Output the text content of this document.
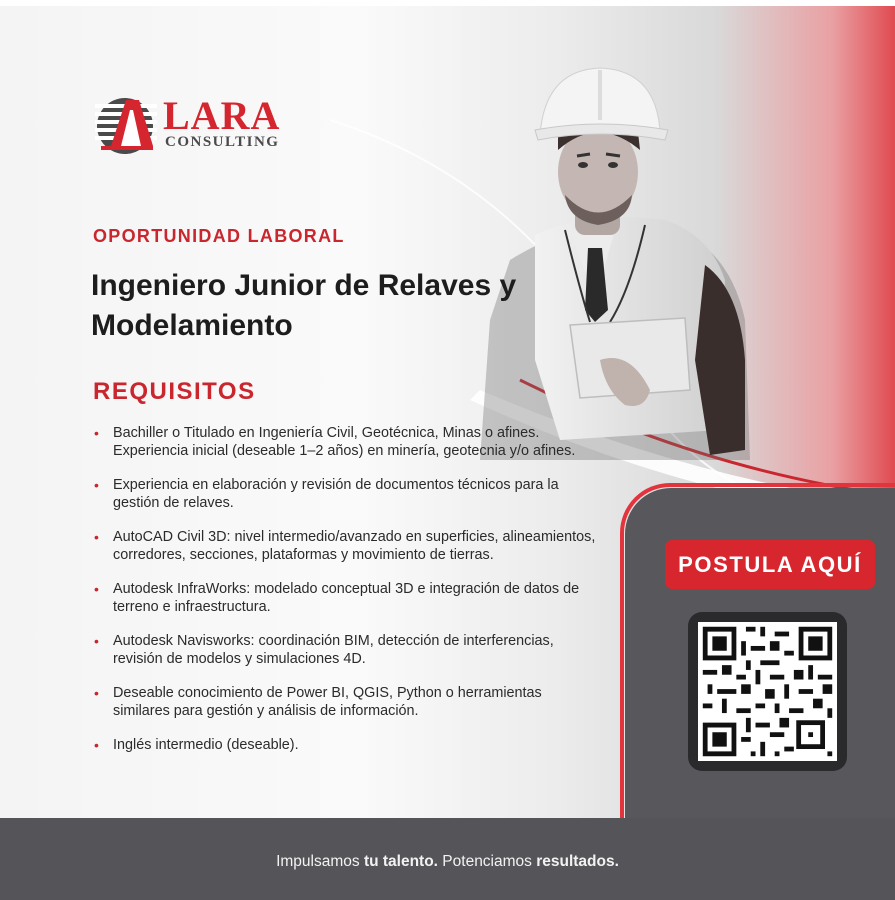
LARA
CONSULTING
OPORTUNIDAD LABORAL
Ingeniero Junior de Relaves y Modelamiento
REQUISITOS
• Bachiller o Titulado en Ingeniería Civil, Geotécnica, Minas o afines. Experiencia inicial (deseable 1–2 años) en minería, geotecnia y/o afines.
• Experiencia en elaboración y revisión de documentos técnicos para la gestión de relaves.
• AutoCAD Civil 3D: nivel intermedio/avanzado en superficies, alineamientos, corredores, secciones, plataformas y movimiento de tierras.
• Autodesk InfraWorks: modelado conceptual 3D e integración de datos de terreno e infraestructura.
• Autodesk Navisworks: coordinación BIM, detección de interferencias, revisión de modelos y simulaciones 4D.
• Deseable conocimiento de Power BI, QGIS, Python o herramientas similares para gestión y análisis de información.
• Inglés intermedio (deseable).
POSTULA AQUÍ
Impulsamos tu talento. Potenciamos resultados.
